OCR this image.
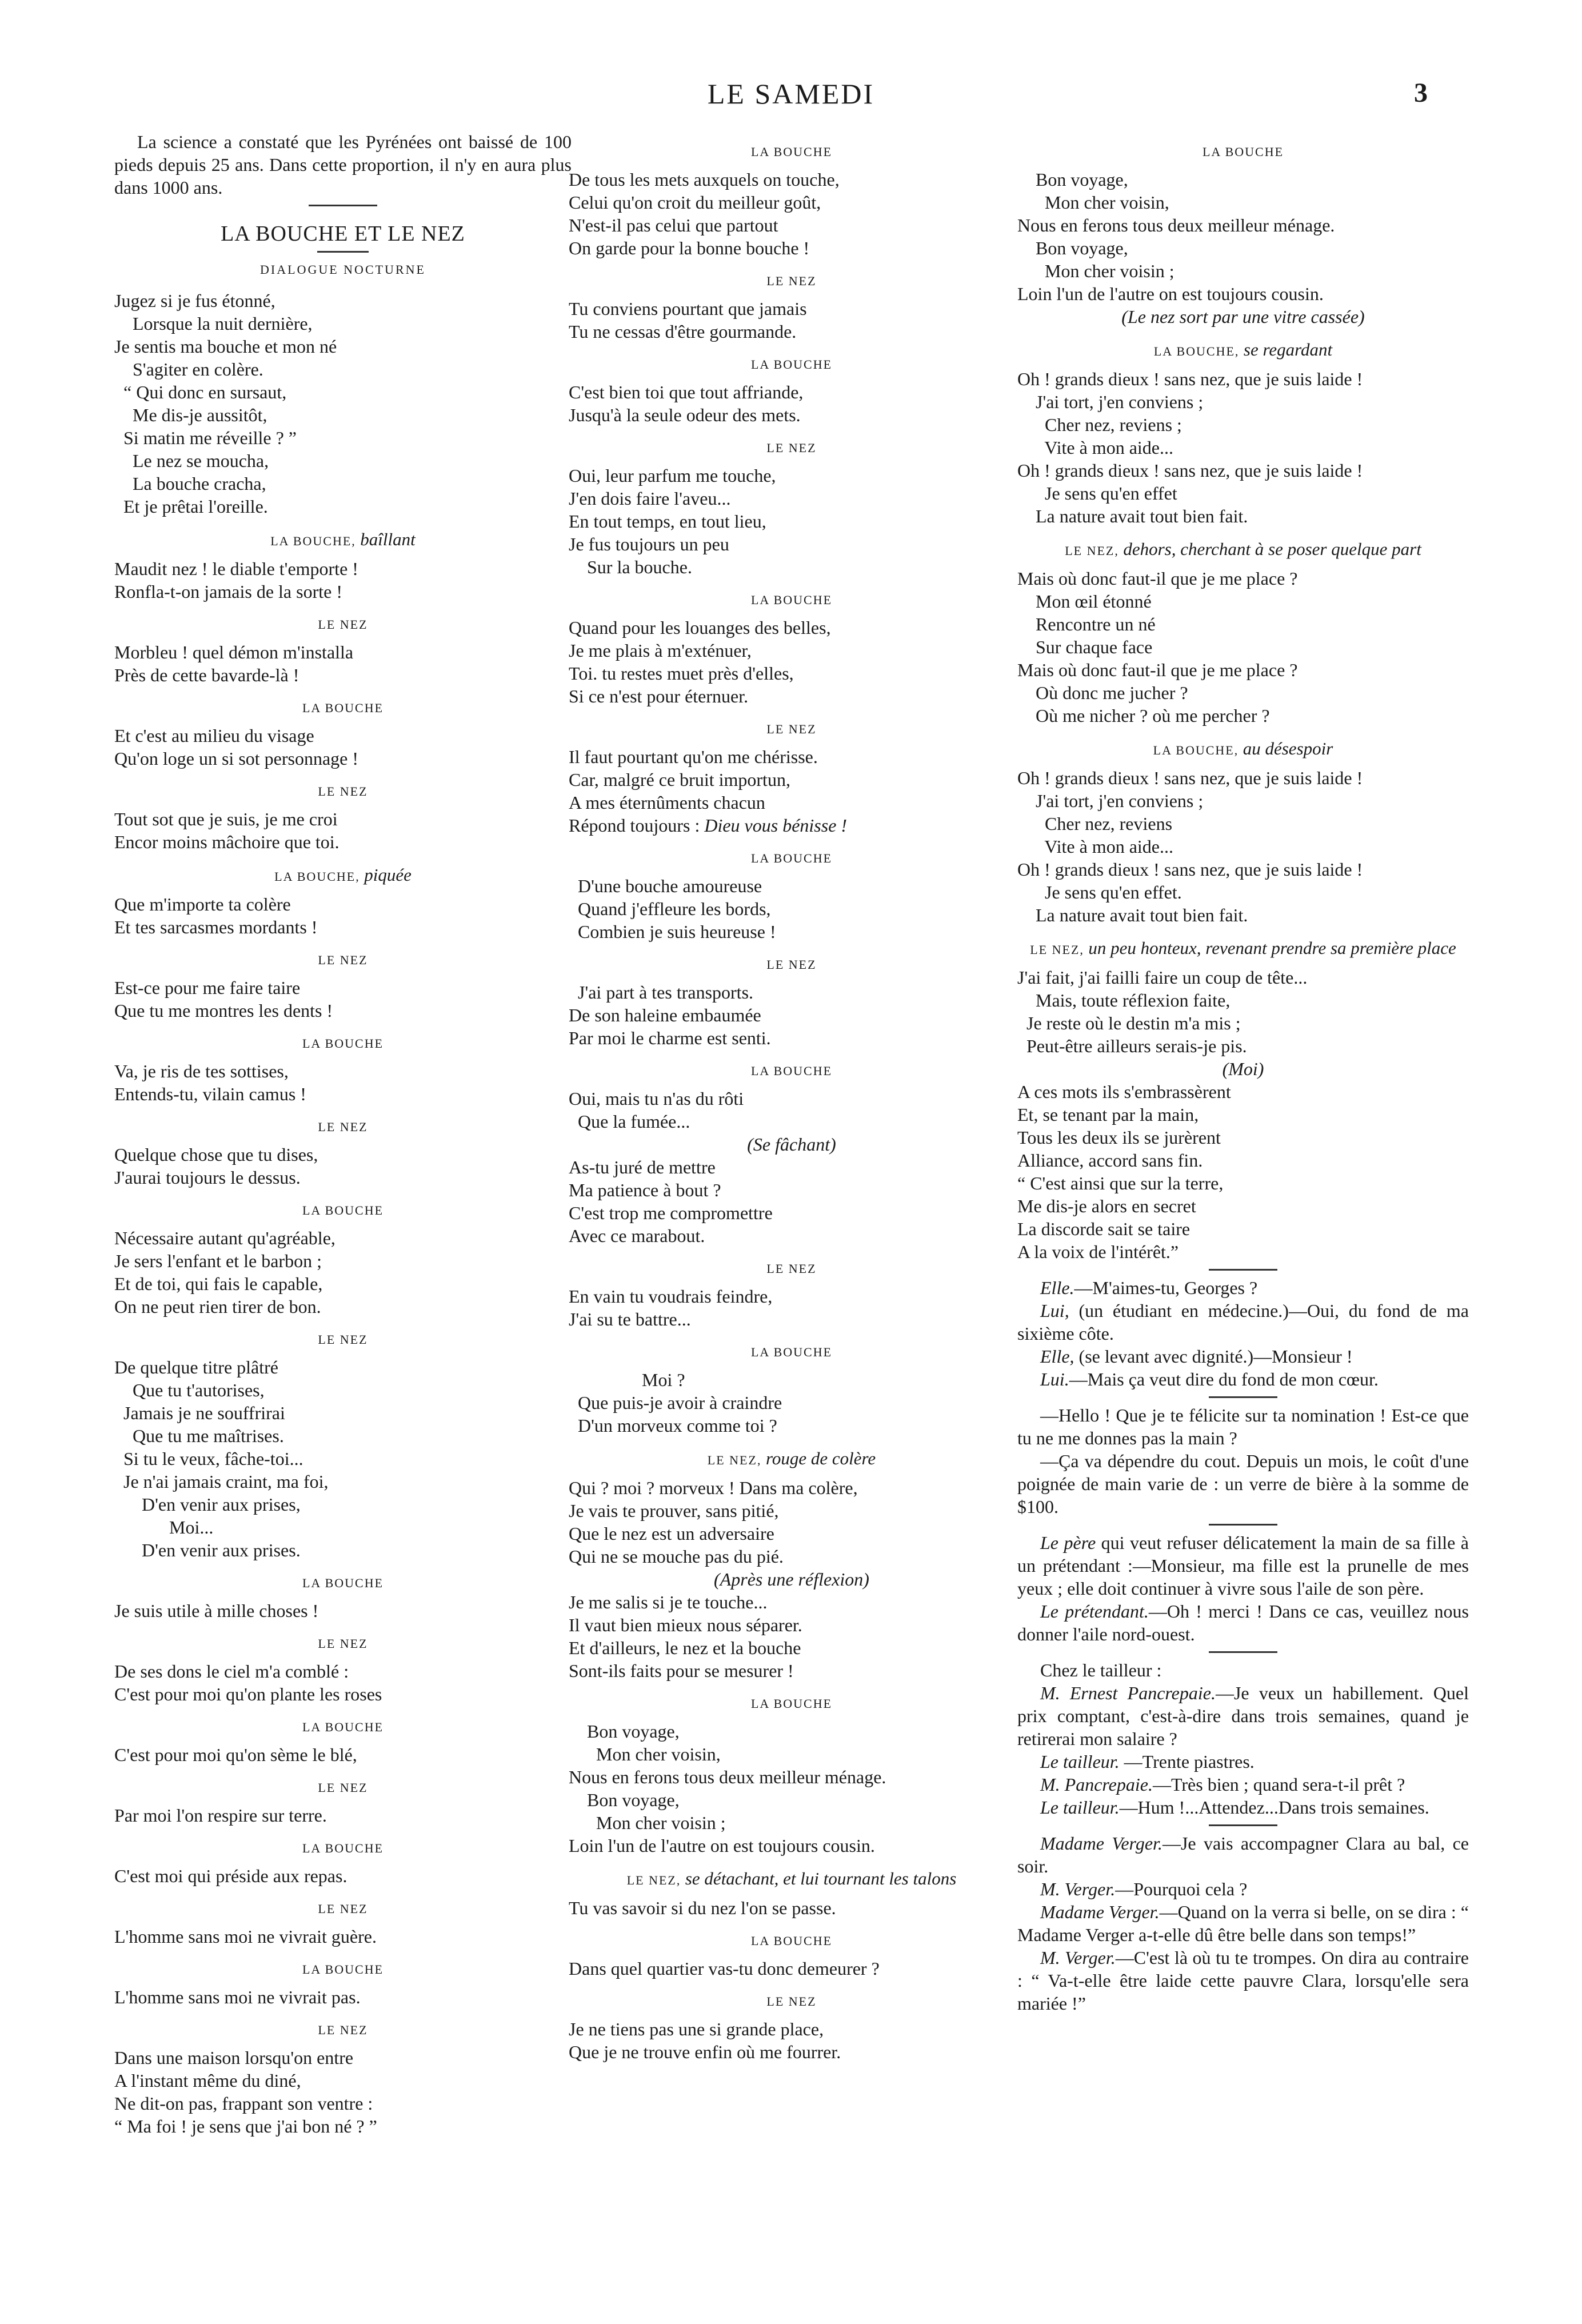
LE SAMEDI	3

La science a constaté que les Pyrénées ont baissé de 100 pieds depuis 25 ans. Dans cette proportion, il n'y en aura plus dans 1000 ans.

LA BOUCHE ET LE NEZ
DIALOGUE NOCTURNE
Jugez si je fus étonné,
Lorsque la nuit dernière,
Je sentis ma bouche et mon né
S'agiter en colère.
“ Qui donc en sursaut,
Me dis-je aussitôt,
Si matin me réveille ? ”
Le nez se moucha,
La bouche cracha,
Et je prêtai l'oreille.
LA BOUCHE, baîllant
Maudit nez ! le diable t'emporte !
Ronfla-t-on jamais de la sorte !
LE NEZ
Morbleu ! quel démon m'installa
Près de cette bavarde-là !
LA BOUCHE
Et c'est au milieu du visage
Qu'on loge un si sot personnage !
LE NEZ
Tout sot que je suis, je me croi
Encor moins mâchoire que toi.
LA BOUCHE, piquée
Que m'importe ta colère
Et tes sarcasmes mordants !
LE NEZ
Est-ce pour me faire taire
Que tu me montres les dents !
LA BOUCHE
Va, je ris de tes sottises,
Entends-tu, vilain camus !
LE NEZ
Quelque chose que tu dises,
J'aurai toujours le dessus.
LA BOUCHE
Nécessaire autant qu'agréable,
Je sers l'enfant et le barbon ;
Et de toi, qui fais le capable,
On ne peut rien tirer de bon.
LE NEZ
De quelque titre plâtré
Que tu t'autorises,
Jamais je ne souffrirai
Que tu me maîtrises.
Si tu le veux, fâche-toi...
Je n'ai jamais craint, ma foi,
D'en venir aux prises,
Moi...
D'en venir aux prises.
LA BOUCHE
Je suis utile à mille choses !
LE NEZ
De ses dons le ciel m'a comblé :
C'est pour moi qu'on plante les roses
LA BOUCHE
C'est pour moi qu'on sème le blé,
LE NEZ
Par moi l'on respire sur terre.
LA BOUCHE
C'est moi qui préside aux repas.
LE NEZ
L'homme sans moi ne vivrait guère.
LA BOUCHE
L'homme sans moi ne vivrait pas.
LE NEZ
Dans une maison lorsqu'on entre
A l'instant même du diné,
Ne dit-on pas, frappant son ventre :
“ Ma foi ! je sens que j'ai bon né ? ”
LA BOUCHE
De tous les mets auxquels on touche,
Celui qu'on croit du meilleur goût,
N'est-il pas celui que partout
On garde pour la bonne bouche !
LE NEZ
Tu conviens pourtant que jamais
Tu ne cessas d'être gourmande.
LA BOUCHE
C'est bien toi que tout affriande,
Jusqu'à la seule odeur des mets.
LE NEZ
Oui, leur parfum me touche,
J'en dois faire l'aveu...
En tout temps, en tout lieu,
Je fus toujours un peu
Sur la bouche.
LA BOUCHE
Quand pour les louanges des belles,
Je me plais à m'exténuer,
Toi. tu restes muet près d'elles,
Si ce n'est pour éternuer.
LE NEZ
Il faut pourtant qu'on me chérisse.
Car, malgré ce bruit importun,
A mes éternûments chacun
Répond toujours : Dieu vous bénisse !
LA BOUCHE
D'une bouche amoureuse
Quand j'effleure les bords,
Combien je suis heureuse !
LE NEZ
J'ai part à tes transports.
De son haleine embaumée
Par moi le charme est senti.
LA BOUCHE
Oui, mais tu n'as du rôti
Que la fumée...
(Se fâchant)
As-tu juré de mettre
Ma patience à bout ?
C'est trop me compromettre
Avec ce marabout.
LE NEZ
En vain tu voudrais feindre,
J'ai su te battre...
LA BOUCHE
Moi ?
Que puis-je avoir à craindre
D'un morveux comme toi ?
LE NEZ, rouge de colère
Qui ? moi ? morveux ! Dans ma colère,
Je vais te prouver, sans pitié,
Que le nez est un adversaire
Qui ne se mouche pas du pié.
(Après une réflexion)
Je me salis si je te touche...
Il vaut bien mieux nous séparer.
Et d'ailleurs, le nez et la bouche
Sont-ils faits pour se mesurer !
LA BOUCHE
Bon voyage,
Mon cher voisin,
Nous en ferons tous deux meilleur ménage.
Bon voyage,
Mon cher voisin ;
Loin l'un de l'autre on est toujours cousin.
LE NEZ, se détachant, et lui tournant les talons
Tu vas savoir si du nez l'on se passe.
LA BOUCHE
Dans quel quartier vas-tu donc demeurer ?
LE NEZ
Je ne tiens pas une si grande place,
Que je ne trouve enfin où me fourrer.
LA BOUCHE
Bon voyage,
Mon cher voisin,
Nous en ferons tous deux meilleur ménage.
Bon voyage,
Mon cher voisin ;
Loin l'un de l'autre on est toujours cousin.
(Le nez sort par une vitre cassée)
LA BOUCHE, se regardant
Oh ! grands dieux ! sans nez, que je suis laide !
J'ai tort, j'en conviens ;
Cher nez, reviens ;
Vite à mon aide...
Oh ! grands dieux ! sans nez, que je suis laide !
Je sens qu'en effet
La nature avait tout bien fait.
LE NEZ, dehors, cherchant à se poser quelque part
Mais où donc faut-il que je me place ?
Mon œil étonné
Rencontre un né
Sur chaque face
Mais où donc faut-il que je me place ?
Où donc me jucher ?
Où me nicher ? où me percher ?
LA BOUCHE, au désespoir
Oh ! grands dieux ! sans nez, que je suis laide !
J'ai tort, j'en conviens ;
Cher nez, reviens
Vite à mon aide...
Oh ! grands dieux ! sans nez, que je suis laide !
Je sens qu'en effet.
La nature avait tout bien fait.
LE NEZ, un peu honteux, revenant prendre sa première place
J'ai fait, j'ai failli faire un coup de tête...
Mais, toute réflexion faite,
Je reste où le destin m'a mis ;
Peut-être ailleurs serais-je pis.
(Moi)
A ces mots ils s'embrassèrent
Et, se tenant par la main,
Tous les deux ils se jurèrent
Alliance, accord sans fin.
“ C'est ainsi que sur la terre,
Me dis-je alors en secret
La discorde sait se taire
A la voix de l'intérêt.”

Elle.—M'aimes-tu, Georges ?

Lui, (un étudiant en médecine.)—Oui, du fond de ma sixième côte.

Elle, (se levant avec dignité.)—Monsieur !

Lui.—Mais ça veut dire du fond de mon cœur.

—Hello ! Que je te félicite sur ta nomination ! Est-ce que tu ne me donnes pas la main ?

—Ça va dépendre du cout. Depuis un mois, le coût d'une poignée de main varie de : un verre de bière à la somme de $100.

Le père qui veut refuser délicatement la main de sa fille à un prétendant :—Monsieur, ma fille est la prunelle de mes yeux ; elle doit continuer à vivre sous l'aile de son père.

Le prétendant.—Oh ! merci ! Dans ce cas, veuillez nous donner l'aile nord-ouest.

Chez le tailleur :

M. Ernest Pancrepaie.—Je veux un habillement. Quel prix comptant, c'est-à-dire dans trois semaines, quand je retirerai mon salaire ?

Le tailleur. —Trente piastres.

M. Pancrepaie.—Très bien ; quand sera-t-il prêt ?

Le tailleur.—Hum !...Attendez...Dans trois semaines.

Madame Verger.—Je vais accompagner Clara au bal, ce soir.

M. Verger.—Pourquoi cela ?

Madame Verger.—Quand on la verra si belle, on se dira : “ Madame Verger a-t-elle dû être belle dans son temps!”

M. Verger.—C'est là où tu te trompes. On dira au contraire : “ Va-t-elle être laide cette pauvre Clara, lorsqu'elle sera mariée !”
